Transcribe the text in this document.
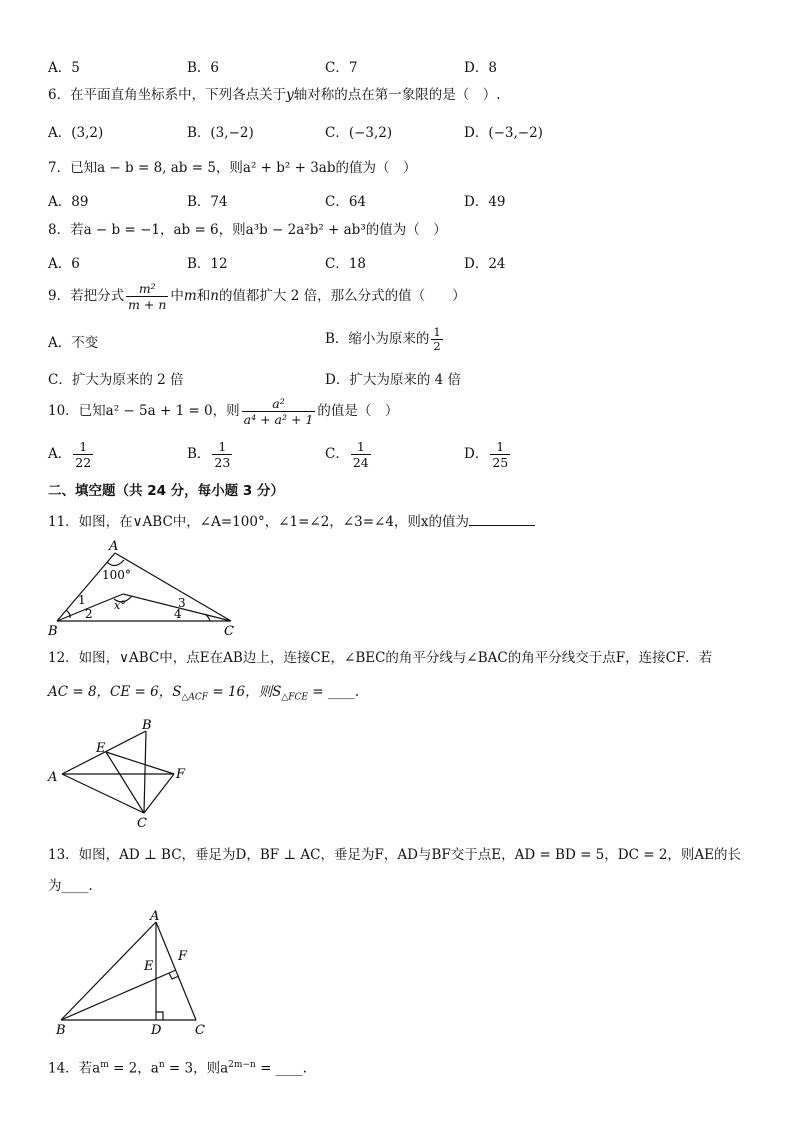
A．5	B．6	C．7	D．8
6．在平面直角坐标系中，下列各点关于y轴对称的点在第一象限的是（　）.
A．(3,2)	B．(3,−2)	C．(−3,2)	D．(−3,−2)
7．已知a − b = 8, ab = 5，则a² + b² + 3ab的值为（　）
A．89	B．74	C．64	D．49
8．若a − b = −1，ab = 6，则a³b − 2a²b² + ab³的值为（　）
A．6	B．12	C．18	D．24
9．若把分式 $\frac{\text{m²}}{m + n}$ 中m和n的值都扩大 2 倍，那么分式的值（　　）
A．不变	B．缩小为原来的 $\frac{1}{2}$
C．扩大为原来的 2 倍	D．扩大为原来的 4 倍
10．已知a² − 5a + 1 = 0，则 $\frac{\text{a²}}{\text{a⁴ + a² + 1}}$ 的值是（　）
A． $\frac{1}{22}$	B． $\frac{1}{23}$	C． $\frac{1}{24}$	D． $\frac{1}{25}$
二、填空题（共 24 分，每小题 3 分）
11．如图，在∨ABC中，∠A=100°，∠1=∠2，∠3=∠4，则x的值为
A
B	C
100°
x°
1
2
3
4
12．如图，∨ABC中，点E在AB边上，连接CE，∠BEC的角平分线与∠BAC的角平分线交于点F，连接CF．若
AC = 8，CE = 6，$S_{\triangle ACF} = 16$，则$S_{\triangle FCE}$ = ____.
A
B
C
E
F
13．如图，AD ⊥ BC，垂足为D，BF ⊥ AC，垂足为F，AD与BF交于点E，AD = BD = 5，DC = 2，则AE的长
为____.
A
B	C
D
E
F
14．若$a^m = 2$，$a^n = 3$，则$a^{2m-n}$ = ____.
